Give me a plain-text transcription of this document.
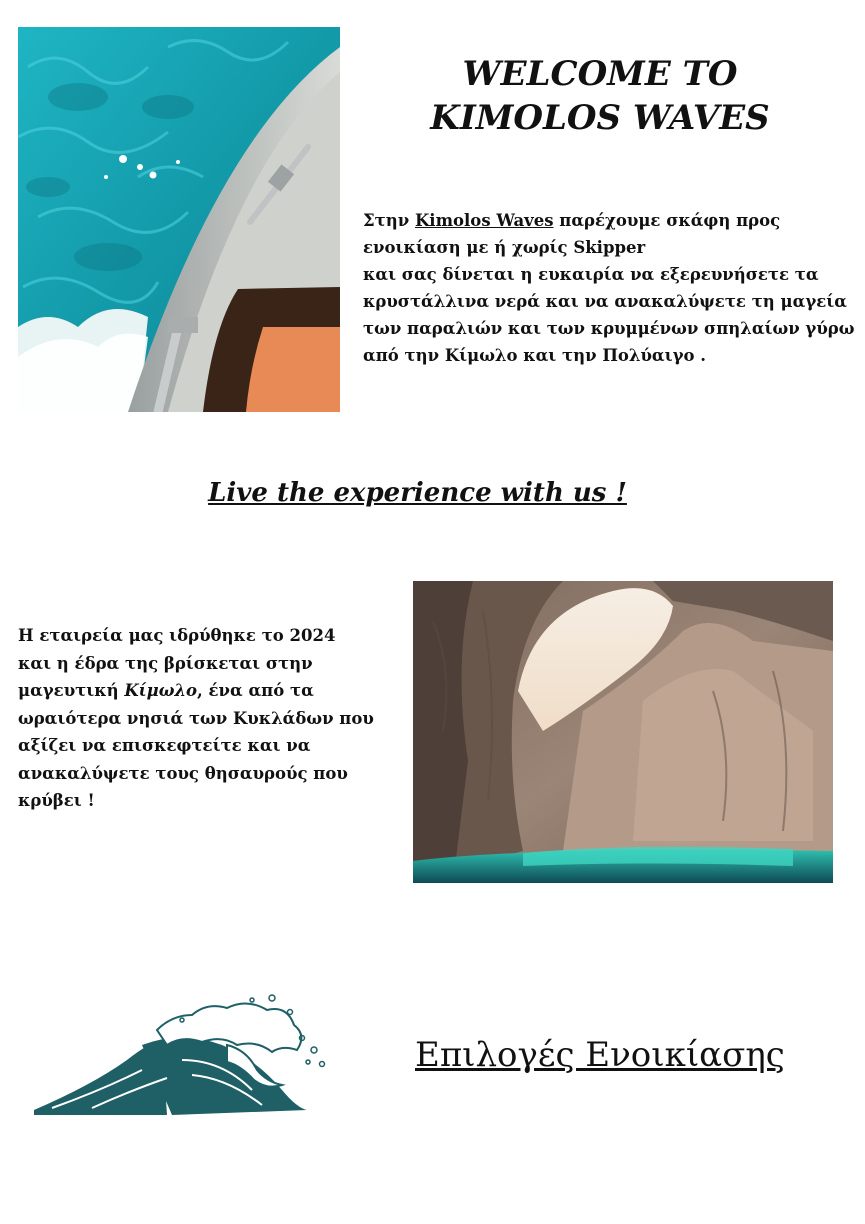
WELCOME TO
KIMOLOS WAVES
Στην Kimolos Waves παρέχουμε σκάφη προς
ενοικίαση με ή χωρίς Skipper
και σας δίνεται η ευκαιρία να εξερευνήσετε τα
κρυστάλλινα νερά και να ανακαλύψετε τη μαγεία
των παραλιών και των κρυμμένων σπηλαίων γύρω
από την Κίμωλο και την Πολύαιγο .
Live the experience with us !
Η εταιρεία μας ιδρύθηκε το 2024
και η έδρα της βρίσκεται στην
μαγευτική Κίμωλο, ένα από τα
ωραιότερα νησιά των Κυκλάδων που
αξίζει να επισκεφτείτε και να
ανακαλύψετε τους θησαυρούς που
κρύβει !
Επιλογές Ενοικίασης
